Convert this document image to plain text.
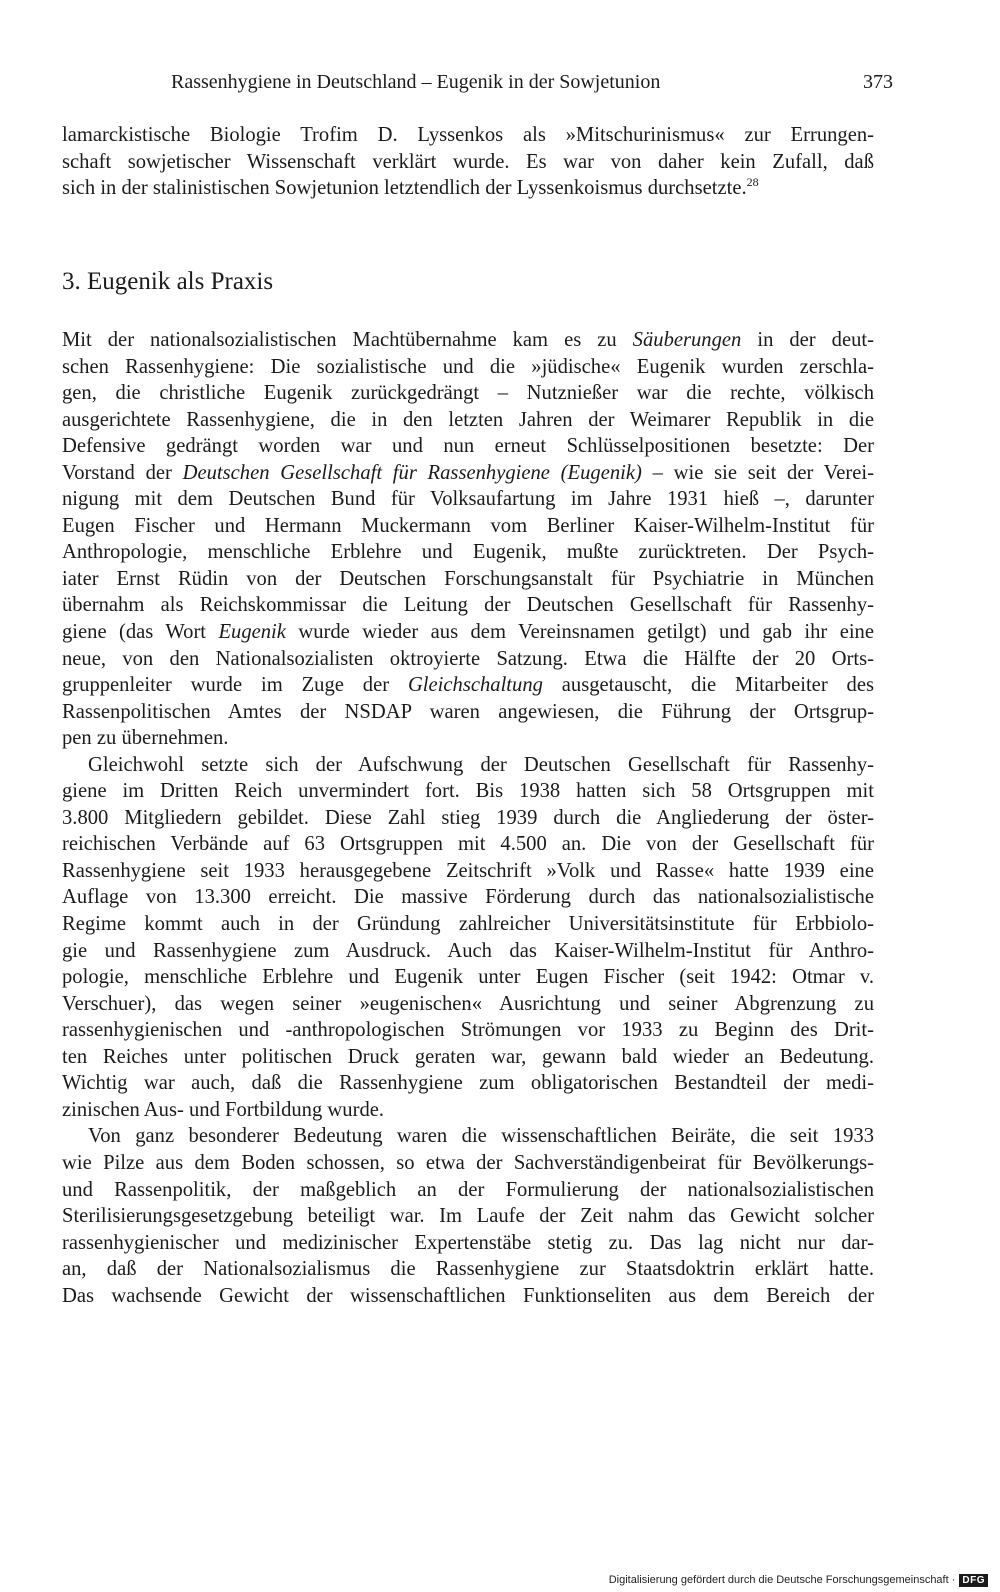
Rassenhygiene in Deutschland – Eugenik in der Sowjetunion	373
lamarckistische Biologie Trofim D. Lyssenkos als »Mitschurinismus« zur Errungen-
schaft sowjetischer Wissenschaft verklärt wurde. Es war von daher kein Zufall, daß
sich in der stalinistischen Sowjetunion letztendlich der Lyssenkoismus durchsetzte.$^{28}$
3. Eugenik als Praxis
Mit der nationalsozialistischen Machtübernahme kam es zu Säuberungen in der deut-
schen Rassenhygiene: Die sozialistische und die »jüdische« Eugenik wurden zerschla-
gen, die christliche Eugenik zurückgedrängt – Nutznießer war die rechte, völkisch
ausgerichtete Rassenhygiene, die in den letzten Jahren der Weimarer Republik in die
Defensive gedrängt worden war und nun erneut Schlüsselpositionen besetzte: Der
Vorstand der Deutschen Gesellschaft für Rassenhygiene (Eugenik) – wie sie seit der Verei-
nigung mit dem Deutschen Bund für Volksaufartung im Jahre 1931 hieß –, darunter
Eugen Fischer und Hermann Muckermann vom Berliner Kaiser-Wilhelm-Institut für
Anthropologie, menschliche Erblehre und Eugenik, mußte zurücktreten. Der Psych-
iater Ernst Rüdin von der Deutschen Forschungsanstalt für Psychiatrie in München
übernahm als Reichskommissar die Leitung der Deutschen Gesellschaft für Rassenhy-
giene (das Wort Eugenik wurde wieder aus dem Vereinsnamen getilgt) und gab ihr eine
neue, von den Nationalsozialisten oktroyierte Satzung. Etwa die Hälfte der 20 Orts-
gruppenleiter wurde im Zuge der Gleichschaltung ausgetauscht, die Mitarbeiter des
Rassenpolitischen Amtes der NSDAP waren angewiesen, die Führung der Ortsgrup-
pen zu übernehmen.
Gleichwohl setzte sich der Aufschwung der Deutschen Gesellschaft für Rassenhy-
giene im Dritten Reich unvermindert fort. Bis 1938 hatten sich 58 Ortsgruppen mit
3.800 Mitgliedern gebildet. Diese Zahl stieg 1939 durch die Angliederung der öster-
reichischen Verbände auf 63 Ortsgruppen mit 4.500 an. Die von der Gesellschaft für
Rassenhygiene seit 1933 herausgegebene Zeitschrift »Volk und Rasse« hatte 1939 eine
Auflage von 13.300 erreicht. Die massive Förderung durch das nationalsozialistische
Regime kommt auch in der Gründung zahlreicher Universitätsinstitute für Erbbiolo-
gie und Rassenhygiene zum Ausdruck. Auch das Kaiser-Wilhelm-Institut für Anthro-
pologie, menschliche Erblehre und Eugenik unter Eugen Fischer (seit 1942: Otmar v.
Verschuer), das wegen seiner »eugenischen« Ausrichtung und seiner Abgrenzung zu
rassenhygienischen und -anthropologischen Strömungen vor 1933 zu Beginn des Drit-
ten Reiches unter politischen Druck geraten war, gewann bald wieder an Bedeutung.
Wichtig war auch, daß die Rassenhygiene zum obligatorischen Bestandteil der medi-
zinischen Aus- und Fortbildung wurde.
Von ganz besonderer Bedeutung waren die wissenschaftlichen Beiräte, die seit 1933
wie Pilze aus dem Boden schossen, so etwa der Sachverständigenbeirat für Bevölkerungs-
und Rassenpolitik, der maßgeblich an der Formulierung der nationalsozialistischen
Sterilisierungsgesetzgebung beteiligt war. Im Laufe der Zeit nahm das Gewicht solcher
rassenhygienischer und medizinischer Expertenstäbe stetig zu. Das lag nicht nur dar-
an, daß der Nationalsozialismus die Rassenhygiene zur Staatsdoktrin erklärt hatte.
Das wachsende Gewicht der wissenschaftlichen Funktionseliten aus dem Bereich der
Digitalisierung gefördert durch die Deutsche Forschungsgemeinschaft · DFG
